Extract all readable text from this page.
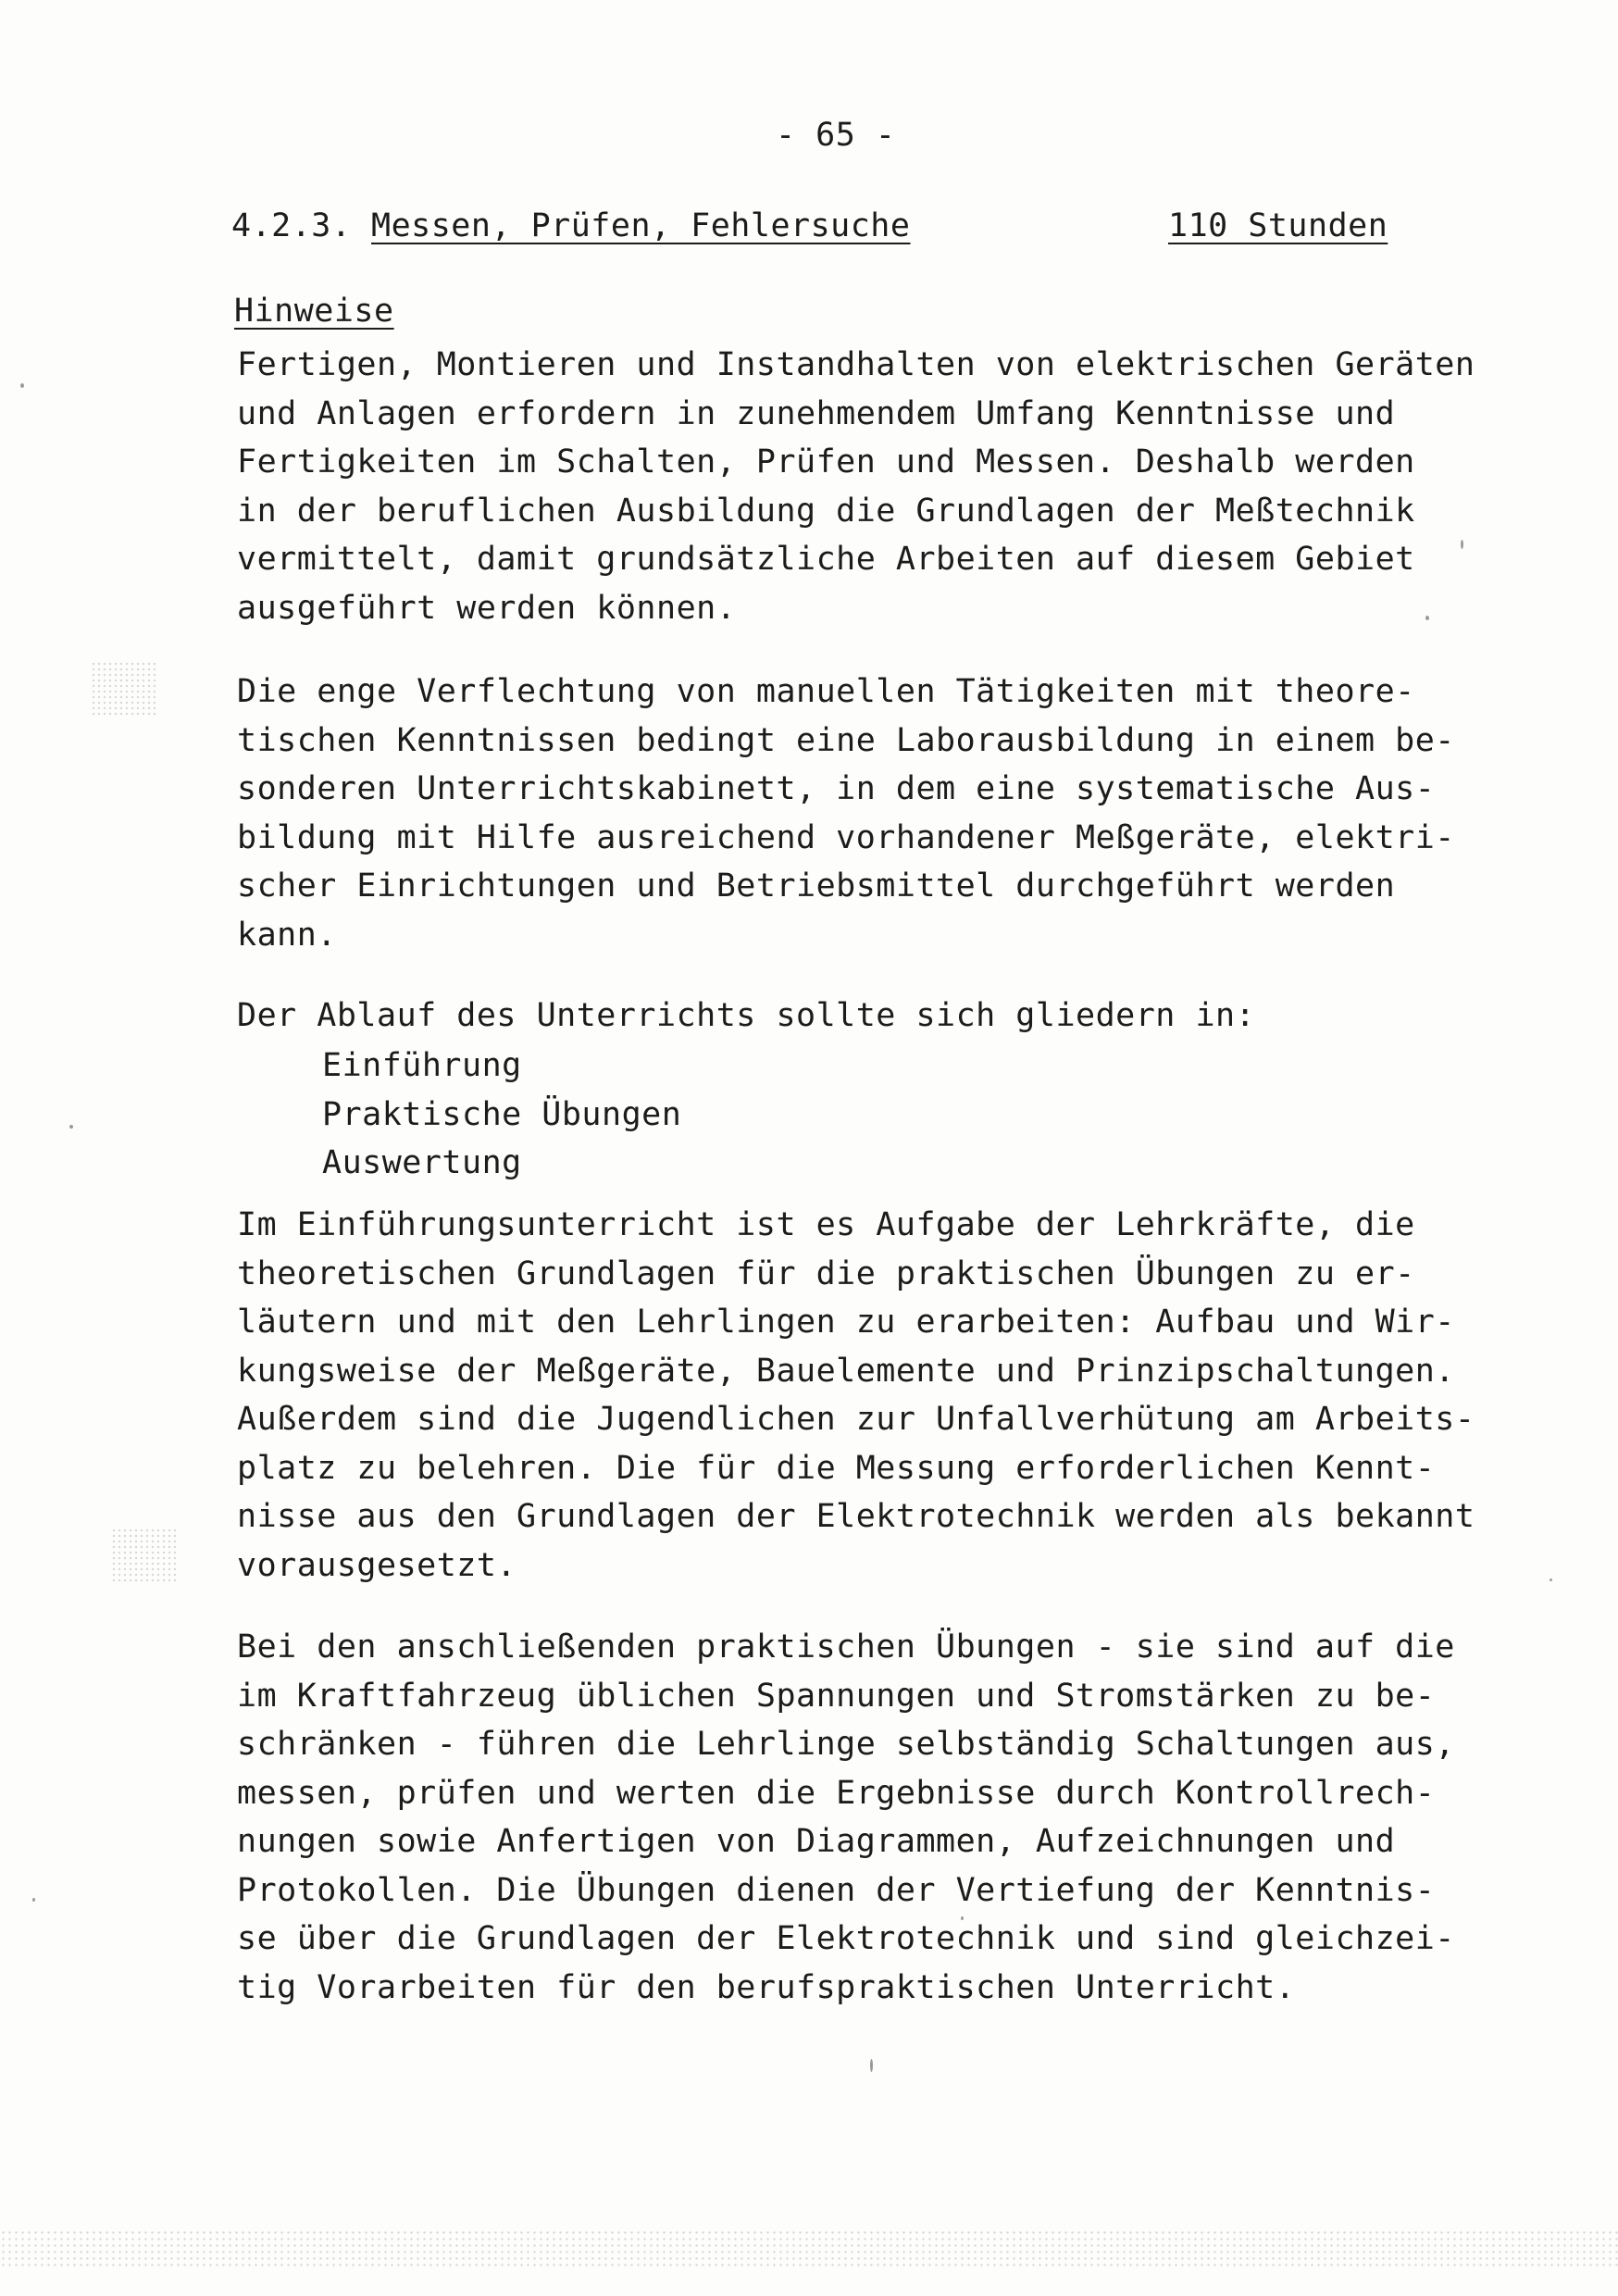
- 65 -
4.2.3. Messen, Prüfen, Fehlersuche	110 Stunden
Hinweise
Fertigen, Montieren und Instandhalten von elektrischen Geräten
und Anlagen erfordern in zunehmendem Umfang Kenntnisse und
Fertigkeiten im Schalten, Prüfen und Messen. Deshalb werden
in der beruflichen Ausbildung die Grundlagen der Meßtechnik
vermittelt, damit grundsätzliche Arbeiten auf diesem Gebiet
ausgeführt werden können.
Die enge Verflechtung von manuellen Tätigkeiten mit theore-
tischen Kenntnissen bedingt eine Laborausbildung in einem be-
sonderen Unterrichtskabinett, in dem eine systematische Aus-
bildung mit Hilfe ausreichend vorhandener Meßgeräte, elektri-
scher Einrichtungen und Betriebsmittel durchgeführt werden
kann.
Der Ablauf des Unterrichts sollte sich gliedern in:
Einführung
Praktische Übungen
Auswertung
Im Einführungsunterricht ist es Aufgabe der Lehrkräfte, die
theoretischen Grundlagen für die praktischen Übungen zu er-
läutern und mit den Lehrlingen zu erarbeiten: Aufbau und Wir-
kungsweise der Meßgeräte, Bauelemente und Prinzipschaltungen.
Außerdem sind die Jugendlichen zur Unfallverhütung am Arbeits-
platz zu belehren. Die für die Messung erforderlichen Kennt-
nisse aus den Grundlagen der Elektrotechnik werden als bekannt
vorausgesetzt.
Bei den anschließenden praktischen Übungen - sie sind auf die
im Kraftfahrzeug üblichen Spannungen und Stromstärken zu be-
schränken - führen die Lehrlinge selbständig Schaltungen aus,
messen, prüfen und werten die Ergebnisse durch Kontrollrech-
nungen sowie Anfertigen von Diagrammen, Aufzeichnungen und
Protokollen. Die Übungen dienen der Vertiefung der Kenntnis-
se über die Grundlagen der Elektrotechnik und sind gleichzei-
tig Vorarbeiten für den berufspraktischen Unterricht.
